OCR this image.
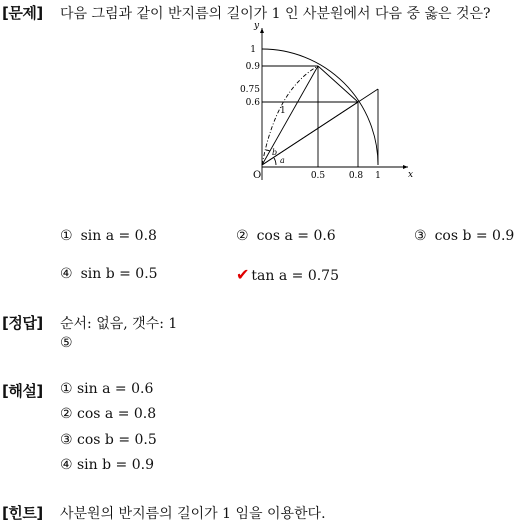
[문제] 다음 그림과 같이 반지름의 길이가 1 인 사분원에서 다음 중 옳은 것은?
y
x
O
1
0.9
0.75
0.6
0.5	0.8 1
1
a
b
① sin a = 0.8	② cos a = 0.6	③ cos b = 0.9
④ sin b = 0.5	✔ tan a = 0.75
[정답] 순서: 없음, 갯수: 1
⑤
[해설] ① sin a = 0.6
② cos a = 0.8
③ cos b = 0.5
④ sin b = 0.9
[힌트] 사분원의 반지름의 길이가 1 임을 이용한다.
